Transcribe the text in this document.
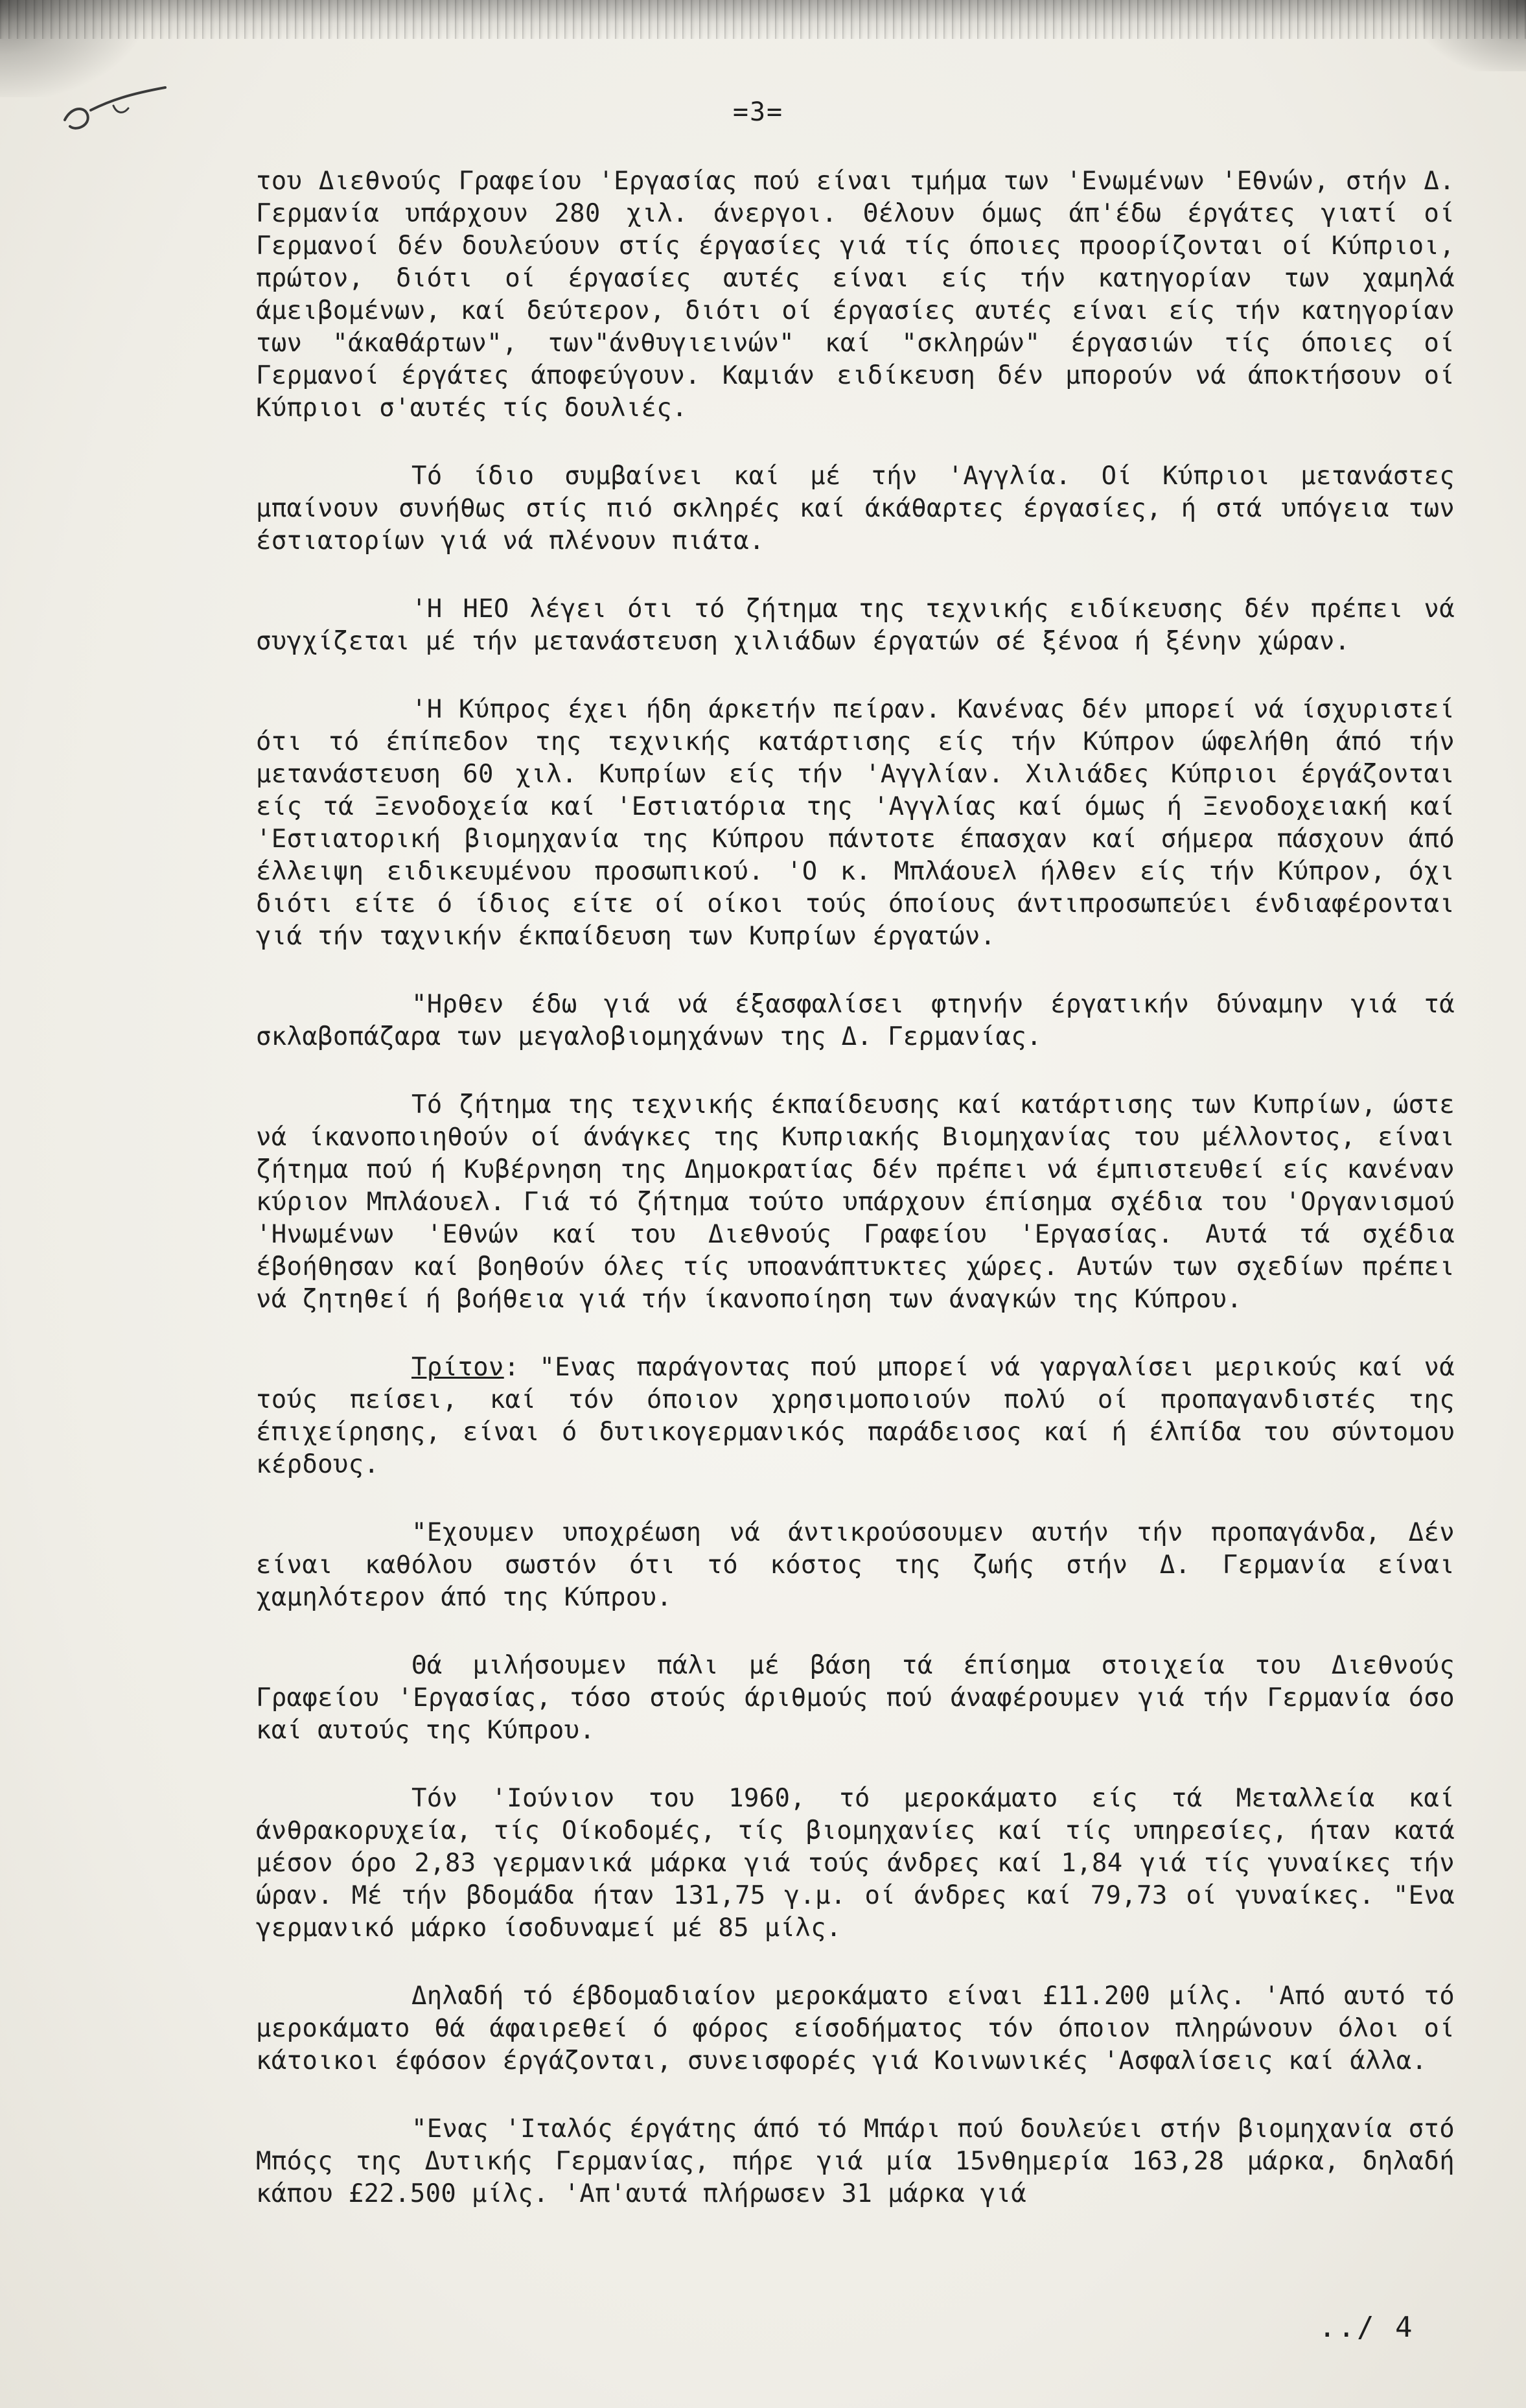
=3=

του Διεθνούς Γραφείου 'Εργασίας πού είναι τμήμα των 'Ενωμένων 'Εθνών, στήν Δ. Γερμανία υπάρχουν 280 χιλ. άνεργοι. Θέλουν όμως άπ'έδω έργάτες γιατί οί Γερμανοί δέν δουλεύουν στίς έργασίες γιά τίς όποιες προορίζονται οί Κύπριοι, πρώτον, διότι οί έργασίες αυτές είναι είς τήν κατηγορίαν των χαμηλά άμειβομένων, καί δεύτερον, διότι οί έργασίες αυτές είναι είς τήν κατηγορίαν των "άκαθάρτων", των"άνθυγιεινών" καί "σκληρών" έργασιών τίς όποιες οί Γερμανοί έργάτες άποφεύγουν. Καμιάν ειδίκευση δέν μπορούν νά άποκτήσουν οί Κύπριοι σ'αυτές τίς δουλιές.

Τό ίδιο συμβαίνει καί μέ τήν 'Αγγλία. Οί Κύπριοι μετανάστες μπαίνουν συνήθως στίς πιό σκληρές καί άκάθαρτες έργασίες, ή στά υπόγεια των έστιατορίων γιά νά πλένουν πιάτα.

'Η ΗΕΟ λέγει ότι τό ζήτημα της τεχνικής ειδίκευσης δέν πρέπει νά συγχίζεται μέ τήν μετανάστευση χιλιάδων έργατών σέ ξένοα ή ξένην χώραν.

'Η Κύπρος έχει ήδη άρκετήν πείραν. Κανένας δέν μπορεί νά ίσχυριστεί ότι τό έπίπεδον της τεχνικής κατάρτισης είς τήν Κύπρον ώφελήθη άπό τήν μετανάστευση 60 χιλ. Κυπρίων είς τήν 'Αγγλίαν. Χιλιάδες Κύπριοι έργάζονται είς τά Ξενοδοχεία καί 'Εστιατόρια της 'Αγγλίας καί όμως ή Ξενοδοχειακή καί 'Εστιατορική βιομηχανία της Κύπρου πάντοτε έπασχαν καί σήμερα πάσχουν άπό έλλειψη ειδικευμένου προσωπικού. 'Ο κ. Μπλάουελ ήλθεν είς τήν Κύπρον, όχι διότι είτε ό ίδιος είτε οί οίκοι τούς όποίους άντιπροσωπεύει ένδιαφέρονται γιά τήν ταχνικήν έκπαίδευση των Κυπρίων έργατών.

"Ηρθεν έδω γιά νά έξασφαλίσει φτηνήν έργατικήν δύναμην γιά τά σκλαβοπάζαρα των μεγαλοβιομηχάνων της Δ. Γερμανίας.

Τό ζήτημα της τεχνικής έκπαίδευσης καί κατάρτισης των Κυπρίων, ώστε νά ίκανοποιηθούν οί άνάγκες της Κυπριακής Βιομηχανίας του μέλλοντος, είναι ζήτημα πού ή Κυβέρνηση της Δημοκρατίας δέν πρέπει νά έμπιστευθεί είς κανέναν κύριον Μπλάουελ. Γιά τό ζήτημα τούτο υπάρχουν έπίσημα σχέδια του 'Οργανισμού 'Ηνωμένων 'Εθνών καί του Διεθνούς Γραφείου 'Εργασίας. Αυτά τά σχέδια έβοήθησαν καί βοηθούν όλες τίς υποανάπτυκτες χώρες. Αυτών των σχεδίων πρέπει νά ζητηθεί ή βοήθεια γιά τήν ίκανοποίηση των άναγκών της Κύπρου.

Τρίτον: "Ενας παράγοντας πού μπορεί νά γαργαλίσει μερικούς καί νά τούς πείσει, καί τόν όποιον χρησιμοποιούν πολύ οί προπαγανδιστές της έπιχείρησης, είναι ό δυτικογερμανικός παράδεισος καί ή έλπίδα του σύντομου κέρδους.

"Εχουμεν υποχρέωση νά άντικρούσουμεν αυτήν τήν προπαγάνδα, Δέν είναι καθόλου σωστόν ότι τό κόστος της ζωής στήν Δ. Γερμανία είναι χαμηλότερον άπό της Κύπρου.

Θά μιλήσουμεν πάλι μέ βάση τά έπίσημα στοιχεία του Διεθνούς Γραφείου 'Εργασίας, τόσο στούς άριθμούς πού άναφέρουμεν γιά τήν Γερμανία όσο καί αυτούς της Κύπρου.

Τόν 'Ιούνιον του 1960, τό μεροκάματο είς τά Μεταλλεία καί άνθρακορυχεία, τίς Οίκοδομές, τίς βιομηχανίες καί τίς υπηρεσίες, ήταν κατά μέσον όρο 2,83 γερμανικά μάρκα γιά τούς άνδρες καί 1,84 γιά τίς γυναίκες τήν ώραν. Μέ τήν βδομάδα ήταν 131,75 γ.μ. οί άνδρες καί 79,73 οί γυναίκες. "Ενα γερμανικό μάρκο ίσοδυναμεί μέ 85 μίλς.

Δηλαδή τό έβδομαδιαίον μεροκάματο είναι £11.200 μίλς. 'Από αυτό τό μεροκάματο θά άφαιρεθεί ό φόρος είσοδήματος τόν όποιον πληρώνουν όλοι οί κάτοικοι έφόσον έργάζονται, συνεισφορές γιά Κοινωνικές 'Ασφαλίσεις καί άλλα.

"Ενας 'Ιταλός έργάτης άπό τό Μπάρι πού δουλεύει στήν βιομηχανία στό Μπόςς της Δυτικής Γερμανίας, πήρε γιά μία 15νθημερία 163,28 μάρκα, δηλαδή κάπου £22.500 μίλς. 'Απ'αυτά πλήρωσεν 31 μάρκα γιά

../ 4
